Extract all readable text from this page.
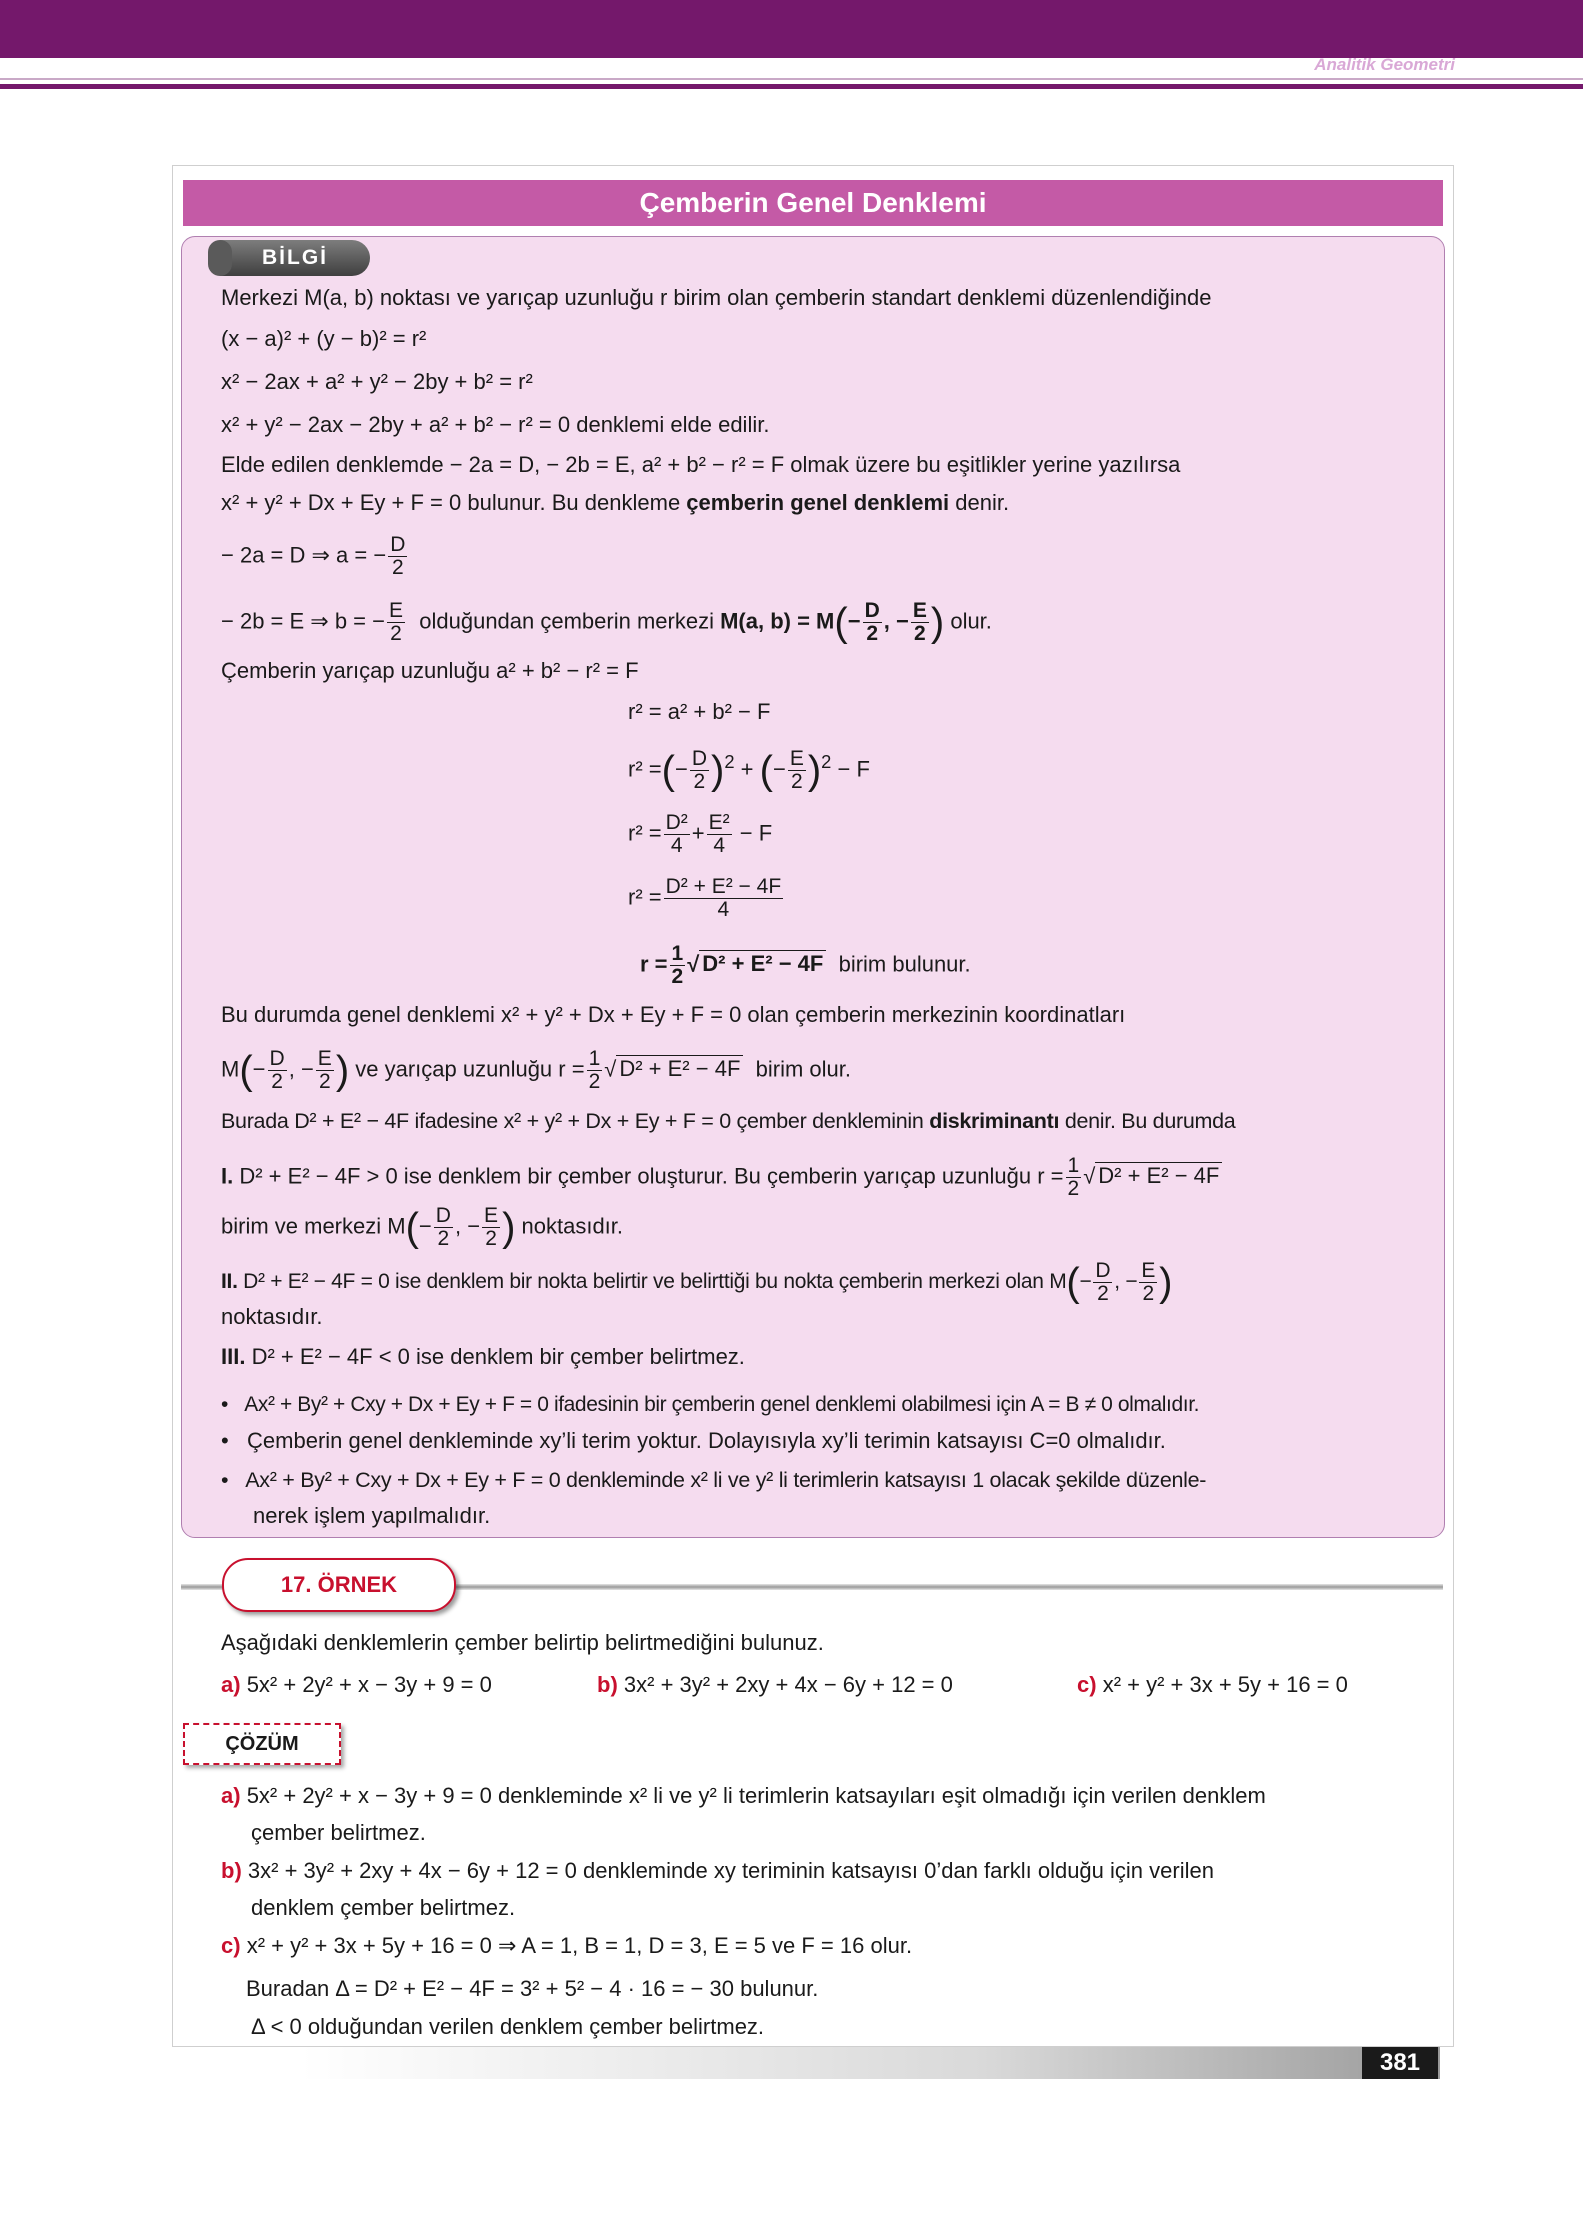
Analitik Geometri
Çemberin Genel Denklemi
BİLGİ
Merkezi M(a, b) noktası ve yarıçap uzunluğu r birim olan çemberin standart denklemi düzenlendiğinde
(x − a)² + (y − b)² = r²
x² − 2ax + a² + y² − 2by + b² = r²
x² + y² − 2ax − 2by + a² + b² − r² = 0 denklemi elde edilir.
Elde edilen denklemde − 2a = D, − 2b = E, a² + b² − r² = F olmak üzere bu eşitlikler yerine yazılırsa
x² + y² + Dx + Ey + F = 0 bulunur. Bu denkleme çemberin genel denklemi denir.
− 2a = D ⇒ a = − $\frac{D}{2}$
− 2b = E ⇒ b = − $\frac{E}{2}$ olduğundan çemberin merkezi M(a, $b) = M(- \frac{D}{2}$ , − $\frac{E}{2}$ ) olur.
Çemberin yarıçap uzunluğu a² + b² − r² = F
r² = a² + b² − F
r² =(− $\frac{D}{2} )^2$ + (− $\frac{E}{2} )^2 - F$
$r^2 = \frac{\text{D²}}{4} + \frac{\text{E²}}{4} - F$
$r^2 = \frac{\text{D² + E² − 4F}}{4}$
$r = \frac{1}{2}$ √ D² + E² − 4F birim bulunur.
Bu durumda genel denklemi x² + y² + Dx + Ey + F = 0 olan çemberin merkezinin koordinatları
$M(- \frac{D}{2}$ , − $\frac{E}{2}$ ) ve yarıçap uzunluğu $r = \frac{1}{2}$ √ D² + E² − 4F birim olur.
Burada D² + E² − 4F ifadesine x² + y² + Dx + Ey + F = 0 çember denkleminin diskriminantı denir. Bu durumda
I. D² + E² − 4F > 0 ise denklem bir çember oluşturur. Bu çemberin yarıçap uzunluğu $r = \frac{1}{2}$ √ D² + E² − 4F
birim ve merkezi $M(- \frac{D}{2}$ , − $\frac{E}{2}$ ) noktasıdır.
II. D² + E² − 4F = 0 ise denklem bir nokta belirtir ve belirttiği bu nokta çemberin merkezi olan $M(- \frac{D}{2}$ , − $\frac{E}{2}$ )
noktasıdır.
III. D² + E² − 4F < 0 ise denklem bir çember belirtmez.
• Ax² + By² + Cxy + Dx + Ey + F = 0 ifadesinin bir çemberin genel denklemi olabilmesi için A = B ≠ 0 olmalıdır.
• Çemberin genel denkleminde xy’li terim yoktur. Dolayısıyla xy’li terimin katsayısı C=0 olmalıdır.
• Ax² + By² + Cxy + Dx + Ey + F = 0 denkleminde x² li ve y² li terimlerin katsayısı 1 olacak şekilde düzenle-
nerek işlem yapılmalıdır.
17. ÖRNEK
Aşağıdaki denklemlerin çember belirtip belirtmediğini bulunuz.
a) 5x² + 2y² + x − 3y + 9 = 0	b) 3x² + 3y² + 2xy + 4x − 6y + 12 = 0	c) x² + y² + 3x + 5y + 16 = 0
ÇÖZÜM
a) 5x² + 2y² + x − 3y + 9 = 0 denkleminde x² li ve y² li terimlerin katsayıları eşit olmadığı için verilen denklem
çember belirtmez.
b) 3x² + 3y² + 2xy + 4x − 6y + 12 = 0 denkleminde xy teriminin katsayısı 0’dan farklı olduğu için verilen
denklem çember belirtmez.
c) x² + y² + 3x + 5y + 16 = 0 ⇒ A = 1, B = 1, D = 3, E = 5 ve F = 16 olur.
Buradan Δ = D² + E² − 4F = 3² + 5² − 4 · 16 = − 30 bulunur.
Δ < 0 olduğundan verilen denklem çember belirtmez.
381
